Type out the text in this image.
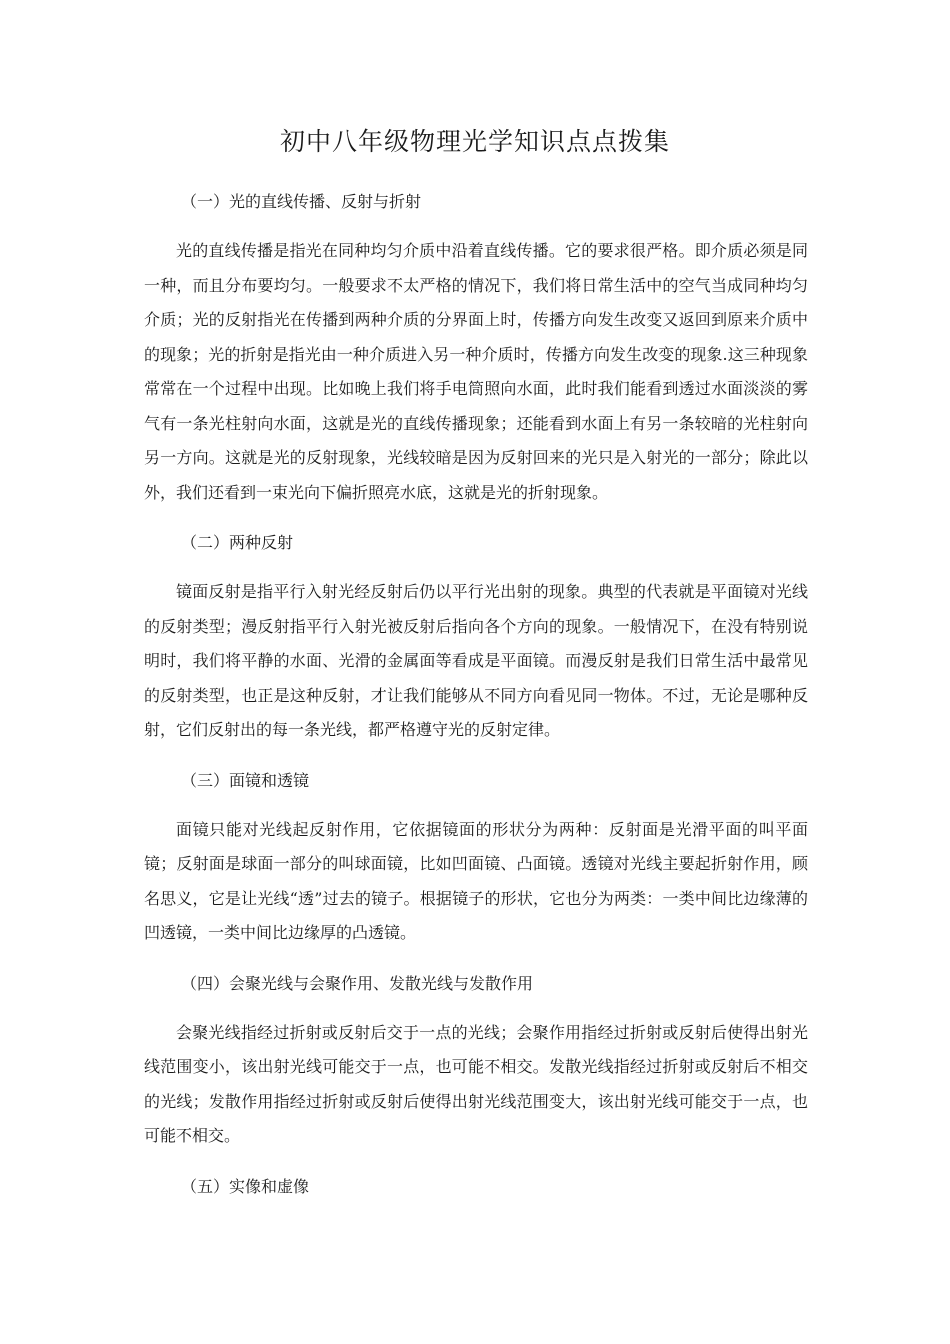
初中八年级物理光学知识点点拨集

（一）光的直线传播、反射与折射

光的直线传播是指光在同种均匀介质中沿着直线传播。它的要求很严格。即介质必须是同一种，而且分布要均匀。一般要求不太严格的情况下，我们将日常生活中的空气当成同种均匀介质；光的反射指光在传播到两种介质的分界面上时，传播方向发生改变又返回到原来介质中的现象；光的折射是指光由一种介质进入另一种介质时，传播方向发生改变的现象.这三种现象常常在一个过程中出现。比如晚上我们将手电筒照向水面，此时我们能看到透过水面淡淡的雾气有一条光柱射向水面，这就是光的直线传播现象；还能看到水面上有另一条较暗的光柱射向另一方向。这就是光的反射现象，光线较暗是因为反射回来的光只是入射光的一部分；除此以外，我们还看到一束光向下偏折照亮水底，这就是光的折射现象。

（二）两种反射

镜面反射是指平行入射光经反射后仍以平行光出射的现象。典型的代表就是平面镜对光线的反射类型；漫反射指平行入射光被反射后指向各个方向的现象。一般情况下，在没有特别说明时，我们将平静的水面、光滑的金属面等看成是平面镜。而漫反射是我们日常生活中最常见的反射类型，也正是这种反射，才让我们能够从不同方向看见同一物体。不过，无论是哪种反射，它们反射出的每一条光线，都严格遵守光的反射定律。

（三）面镜和透镜

面镜只能对光线起反射作用，它依据镜面的形状分为两种：反射面是光滑平面的叫平面镜；反射面是球面一部分的叫球面镜，比如凹面镜、凸面镜。透镜对光线主要起折射作用，顾名思义，它是让光线“透”过去的镜子。根据镜子的形状，它也分为两类：一类中间比边缘薄的凹透镜，一类中间比边缘厚的凸透镜。

（四）会聚光线与会聚作用、发散光线与发散作用

会聚光线指经过折射或反射后交于一点的光线；会聚作用指经过折射或反射后使得出射光线范围变小，该出射光线可能交于一点，也可能不相交。发散光线指经过折射或反射后不相交的光线；发散作用指经过折射或反射后使得出射光线范围变大，该出射光线可能交于一点，也可能不相交。

（五）实像和虚像
